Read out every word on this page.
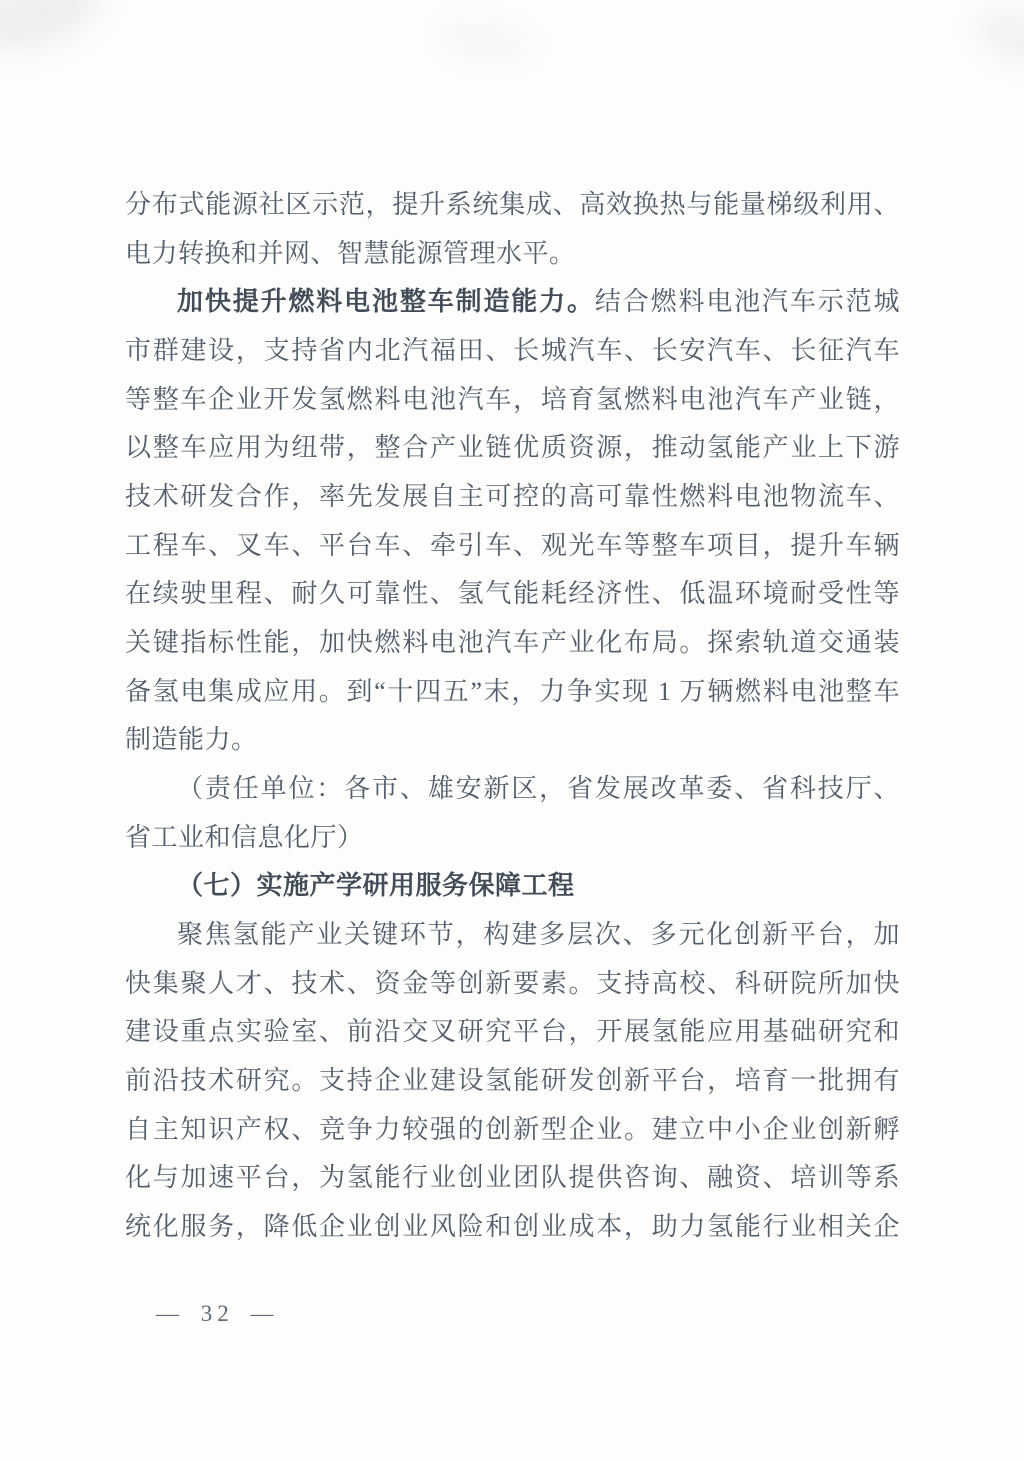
分布式能源社区示范，提升系统集成、高效换热与能量梯级利用、
电力转换和并网、智慧能源管理水平。
加快提升燃料电池整车制造能力。结合燃料电池汽车示范城
市群建设，支持省内北汽福田、长城汽车、长安汽车、长征汽车
等整车企业开发氢燃料电池汽车，培育氢燃料电池汽车产业链，
以整车应用为纽带，整合产业链优质资源，推动氢能产业上下游
技术研发合作，率先发展自主可控的高可靠性燃料电池物流车、
工程车、叉车、平台车、牵引车、观光车等整车项目，提升车辆
在续驶里程、耐久可靠性、氢气能耗经济性、低温环境耐受性等
关键指标性能，加快燃料电池汽车产业化布局。探索轨道交通装
备氢电集成应用。到“十四五”末，力争实现 1 万辆燃料电池整车
制造能力。
（责任单位：各市、雄安新区，省发展改革委、省科技厅、
省工业和信息化厅）
（七）实施产学研用服务保障工程
聚焦氢能产业关键环节，构建多层次、多元化创新平台，加
快集聚人才、技术、资金等创新要素。支持高校、科研院所加快
建设重点实验室、前沿交叉研究平台，开展氢能应用基础研究和
前沿技术研究。支持企业建设氢能研发创新平台，培育一批拥有
自主知识产权、竞争力较强的创新型企业。建立中小企业创新孵
化与加速平台，为氢能行业创业团队提供咨询、融资、培训等系
统化服务，降低企业创业风险和创业成本，助力氢能行业相关企
— 32 —
